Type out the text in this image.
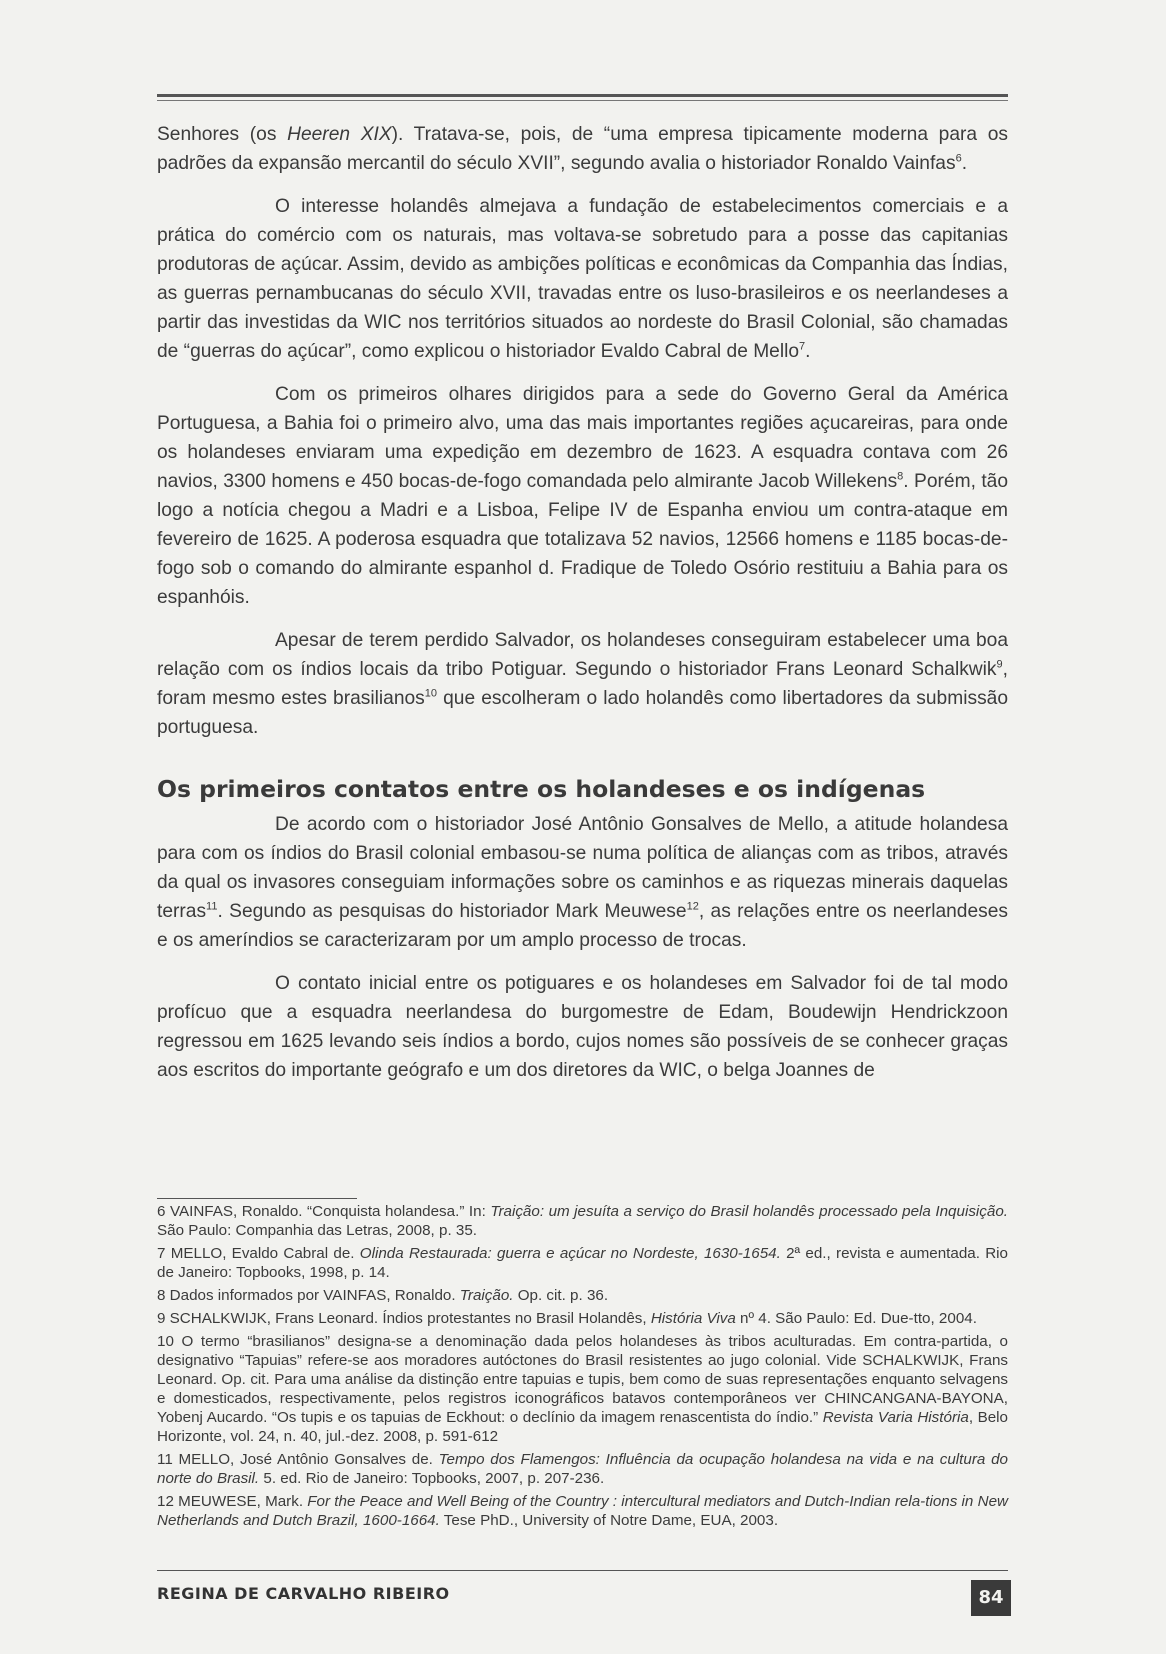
Senhores (os Heeren XIX). Tratava-se, pois, de “uma empresa tipicamente moderna para os padrões da expansão mercantil do século XVII”, segundo avalia o historiador Ronaldo Vainfas$^6$.

O interesse holandês almejava a fundação de estabelecimentos comerciais e a prática do comércio com os naturais, mas voltava-se sobretudo para a posse das capitanias produtoras de açúcar. Assim, devido as ambições políticas e econômicas da Companhia das Índias, as guerras pernambucanas do século XVII, travadas entre os luso-brasileiros e os neerlandeses a partir das investidas da WIC nos territórios situados ao nordeste do Brasil Colonial, são chamadas de “guerras do açúcar”, como explicou o historiador Evaldo Cabral de Mello$^7$.

Com os primeiros olhares dirigidos para a sede do Governo Geral da América Portuguesa, a Bahia foi o primeiro alvo, uma das mais importantes regiões açucareiras, para onde os holandeses enviaram uma expedição em dezembro de 1623. A esquadra contava com 26 navios, 3300 homens e 450 bocas-de-fogo comandada pelo almirante Jacob Willekens$^8$. Porém, tão logo a notícia chegou a Madri e a Lisboa, Felipe IV de Espanha enviou um contra-ataque em fevereiro de 1625. A poderosa esquadra que totalizava 52 navios, 12566 homens e 1185 bocas-de-fogo sob o comando do almirante espanhol d. Fradique de Toledo Osório restituiu a Bahia para os espanhóis.

Apesar de terem perdido Salvador, os holandeses conseguiram estabelecer uma boa relação com os índios locais da tribo Potiguar. Segundo o historiador Frans Leonard Schalkwik$^9$, foram mesmo estes brasilianos$^{10}$ que escolheram o lado holandês como libertadores da submissão portuguesa.

Os primeiros contatos entre os holandeses e os indígenas

De acordo com o historiador José Antônio Gonsalves de Mello, a atitude holandesa para com os índios do Brasil colonial embasou-se numa política de alianças com as tribos, através da qual os invasores conseguiam informações sobre os caminhos e as riquezas minerais daquelas terras$^{11}$. Segundo as pesquisas do historiador Mark Meuwese$^{12}$, as relações entre os neerlandeses e os ameríndios se caracterizaram por um amplo processo de trocas.

O contato inicial entre os potiguares e os holandeses em Salvador foi de tal modo profícuo que a esquadra neerlandesa do burgomestre de Edam, Boudewijn Hendrickzoon regressou em 1625 levando seis índios a bordo, cujos nomes são possíveis de se conhecer graças aos escritos do importante geógrafo e um dos diretores da WIC, o belga Joannes de

6 VAINFAS, Ronaldo. “Conquista holandesa.” In: Traição: um jesuíta a serviço do Brasil holandês processado pela Inquisição. São Paulo: Companhia das Letras, 2008, p. 35.
7 MELLO, Evaldo Cabral de. Olinda Restaurada: guerra e açúcar no Nordeste, 1630-1654. 2ª ed., revista e aumentada. Rio de Janeiro: Topbooks, 1998, p. 14.
8 Dados informados por VAINFAS, Ronaldo. Traição. Op. cit. p. 36.
9 SCHALKWIJK, Frans Leonard. Índios protestantes no Brasil Holandês, História Viva nº 4. São Paulo: Ed. Due-tto, 2004.
10 O termo “brasilianos” designa-se a denominação dada pelos holandeses às tribos aculturadas. Em contra-partida, o designativo “Tapuias” refere-se aos moradores autóctones do Brasil resistentes ao jugo colonial. Vide SCHALKWIJK, Frans Leonard. Op. cit. Para uma análise da distinção entre tapuias e tupis, bem como de suas representações enquanto selvagens e domesticados, respectivamente, pelos registros iconográficos batavos contemporâneos ver CHINCANGANA-BAYONA, Yobenj Aucardo. “Os tupis e os tapuias de Eckhout: o declínio da imagem renascentista do índio.” Revista Varia História, Belo Horizonte, vol. 24, n. 40, jul.-dez. 2008, p. 591-612
11 MELLO, José Antônio Gonsalves de. Tempo dos Flamengos: Influência da ocupação holandesa na vida e na cultura do norte do Brasil. 5. ed. Rio de Janeiro: Topbooks, 2007, p. 207-236.
12 MEUWESE, Mark. For the Peace and Well Being of the Country : intercultural mediators and Dutch-Indian rela-tions in New Netherlands and Dutch Brazil, 1600-1664. Tese PhD., University of Notre Dame, EUA, 2003.
REGINA DE CARVALHO RIBEIRO	84
